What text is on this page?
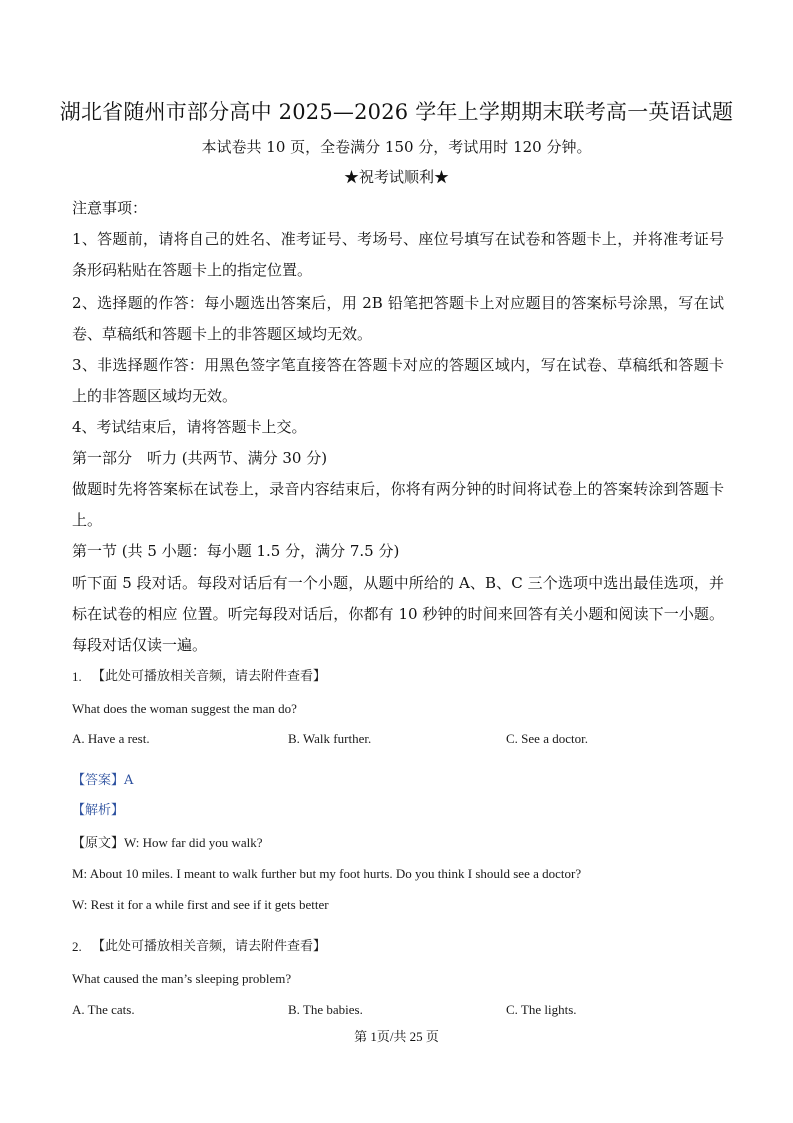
湖北省随州市部分高中 2025—2026 学年上学期期末联考高一英语试题
本试卷共 10 页，全卷满分 150 分，考试用时 120 分钟。
★祝考试顺利★
注意事项：
1、答题前，请将自己的姓名、准考证号、考场号、座位号填写在试卷和答题卡上，并将准考证号条形码粘贴在答题卡上的指定位置。
2、选择题的作答：每小题选出答案后，用 2B 铅笔把答题卡上对应题目的答案标号涂黑，写在试卷、草稿纸和答题卡上的非答题区域均无效。
3、非选择题作答：用黑色签字笔直接答在答题卡对应的答题区域内，写在试卷、草稿纸和答题卡上的非答题区域均无效。
4、考试结束后，请将答题卡上交。
第一部分　听力 (共两节、满分 30 分)
做题时先将答案标在试卷上，录音内容结束后，你将有两分钟的时间将试卷上的答案转涂到答题卡上。
第一节 (共 5 小题：每小题 1.5 分，满分 7.5 分)
听下面 5 段对话。每段对话后有一个小题，从题中所给的 A、B、C 三个选项中选出最佳选项，并标在试卷的相应 位置。听完每段对话后，你都有 10 秒钟的时间来回答有关小题和阅读下一小题。每段对话仅读一遍。
1. 【此处可播放相关音频，请去附件查看】
What does the woman suggest the man do?
A. Have a rest.	B. Walk further.	C. See a doctor.
【答案】A
【解析】
【原文】W: How far did you walk?
M: About 10 miles. I meant to walk further but my foot hurts. Do you think I should see a doctor?
W: Rest it for a while first and see if it gets better
2. 【此处可播放相关音频，请去附件查看】
What caused the man’s sleeping problem?
A. The cats.	B. The babies.	C. The lights.
第 1页/共 25 页
